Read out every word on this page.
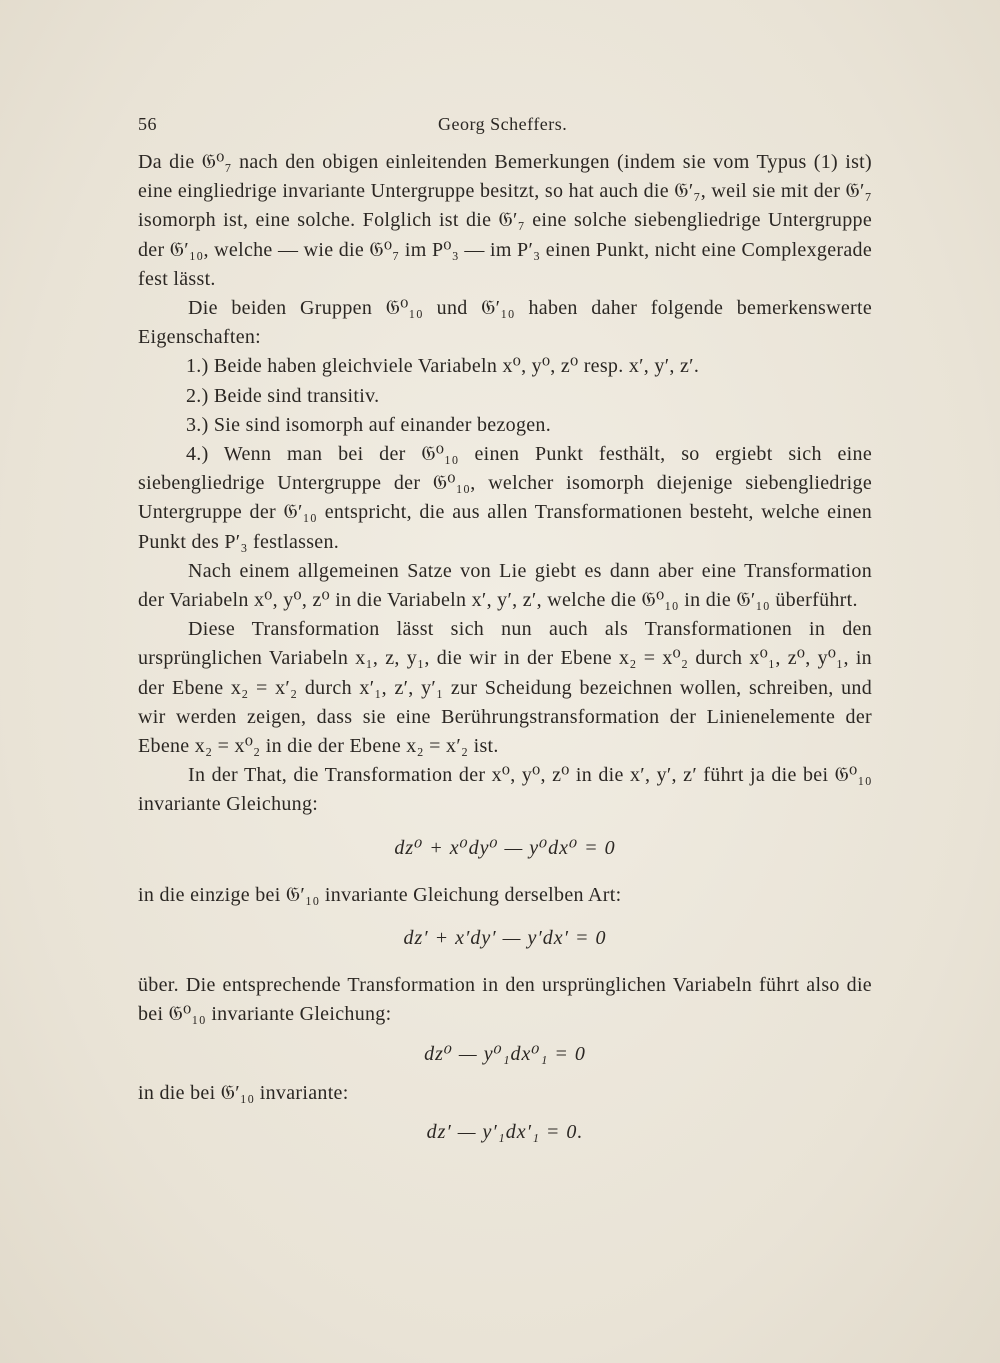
56	Georg Scheffers.

Da die 𝔊⁰₇ nach den obigen einleitenden Bemerkungen (indem sie vom Typus (1) ist) eine eingliedrige invariante Untergruppe besitzt, so hat auch die 𝔊′₇, weil sie mit der 𝔊′₇ isomorph ist, eine solche. Folglich ist die 𝔊′₇ eine solche siebengliedrige Untergruppe der 𝔊′₁₀, welche — wie die 𝔊⁰₇ im P⁰₃ — im P′₃ einen Punkt, nicht eine Complexgerade fest lässt.

Die beiden Gruppen 𝔊⁰₁₀ und 𝔊′₁₀ haben daher folgende bemerkenswerte Eigenschaften:

1.) Beide haben gleichviele Variabeln x⁰, y⁰, z⁰ resp. x′, y′, z′.

2.) Beide sind transitiv.

3.) Sie sind isomorph auf einander bezogen.

4.) Wenn man bei der 𝔊⁰₁₀ einen Punkt festhält, so ergiebt sich eine siebengliedrige Untergruppe der 𝔊⁰₁₀, welcher isomorph diejenige siebengliedrige Untergruppe der 𝔊′₁₀ entspricht, die aus allen Transformationen besteht, welche einen Punkt des P′₃ festlassen.

Nach einem allgemeinen Satze von Lie giebt es dann aber eine Transformation der Variabeln x⁰, y⁰, z⁰ in die Variabeln x′, y′, z′, welche die 𝔊⁰₁₀ in die 𝔊′₁₀ überführt.

Diese Transformation lässt sich nun auch als Transformationen in den ursprünglichen Variabeln x₁, z, y₁, die wir in der Ebene x₂ = x⁰₂ durch x⁰₁, z⁰, y⁰₁, in der Ebene x₂ = x′₂ durch x′₁, z′, y′₁ zur Scheidung bezeichnen wollen, schreiben, und wir werden zeigen, dass sie eine Berührungstransformation der Linienelemente der Ebene x₂ = x⁰₂ in die der Ebene x₂ = x′₂ ist.

In der That, die Transformation der x⁰, y⁰, z⁰ in die x′, y′, z′ führt ja die bei 𝔊⁰₁₀ invariante Gleichung:

dz⁰ + x⁰dy⁰ — y⁰dx⁰ = 0

in die einzige bei 𝔊′₁₀ invariante Gleichung derselben Art:

dz′ + x′dy′ — y′dx′ = 0

über. Die entsprechende Transformation in den ursprünglichen Variabeln führt also die bei 𝔊⁰₁₀ invariante Gleichung:

dz⁰ — y⁰₁dx⁰₁ = 0
in die bei 𝔊′₁₀ invariante:
dz′ — y′₁dx′₁ = 0.
